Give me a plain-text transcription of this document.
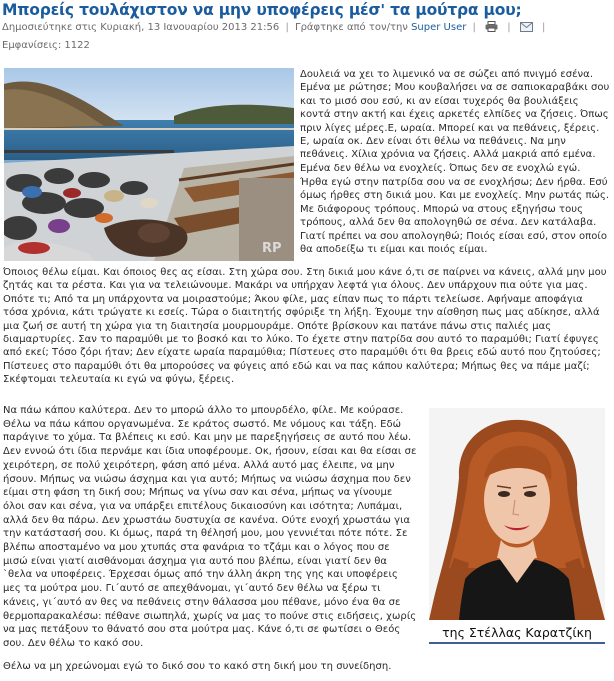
Μπορείς τουλάχιστον να μην υποφέρεις μέσ' τα μούτρα μου;
Δημοσιεύτηκε στις Κυριακή, 13 Ιανουαρίου 2013 21:56 | Γράφτηκε από τον/την Super User |	|	| Εμφανίσεις: 1122
RP
Δουλειά να χει το λιμενικό να σε σώζει από πνιγμό εσένα. Εμένα με ρώτησε; Μου κουβαλήσει να σε σαπιοκαραβάκι σου και το μισό σου εσύ, κι αν είσαι τυχερός θα βουλιάξεις κοντά στην ακτή και έχεις αρκετές ελπίδες να ζήσεις. Όπως πριν λίγες μέρες.Ε, ωραία. Μπορεί και να πεθάνεις, ξέρεις. Ε, ωραία οκ. Δεν είναι ότι θέλω να πεθάνεις. Να μην πεθάνεις. Χίλια χρόνια να ζήσεις. Αλλά μακριά από εμένα. Εμένα δεν θέλω να ενοχλείς. Όπως δεν σε ενοχλώ εγώ.
Ήρθα εγώ στην πατρίδα σου να σε ενοχλήσω; Δεν ήρθα. Εσύ όμως ήρθες στη δικιά μου. Και με ενοχλείς. Μην ρωτάς πώς. Με διάφορους τρόπους. Μπορώ να στους εξηγήσω τους τρόπους, αλλά δεν θα απολογηθώ σε σένα. Δεν κατάλαβα. Γιατί πρέπει να σου απολογηθώ; Ποιός είσαι εσύ, στον οποίο θα αποδείξω τι είμαι και ποιός είμαι.
Όποιος θέλω είμαι. Και όποιος θες ας είσαι. Στη χώρα σου. Στη δικιά μου κάνε ό,τι σε παίρνει να κάνεις, αλλά μην μου ζητάς και τα ρέστα. Και για να τελειώνουμε. Μακάρι να υπήρχαν λεφτά για όλους. Δεν υπάρχουν πια ούτε για μας. Οπότε τι; Από τα μη υπάρχοντα να μοιραστούμε; Άκου φίλε, μας είπαν πως το πάρτι τελείωσε. Αφήναμε αποφάγια τόσα χρόνια, κάτι τρώγατε κι εσείς. Τώρα ο διαιτητής σφύριξε τη λήξη. Έχουμε την αίσθηση πως μας αδίκησε, αλλά μια ζωή σε αυτή τη χώρα για τη διαιτησία μουρμουράμε. Οπότε βρίσκουν και πατάνε πάνω στις παλιές μας διαμαρτυρίες. Σαν το παραμύθι με το βοσκό και το λύκο. Το έχετε στην πατρίδα σου αυτό το παραμύθι; Γιατί έφυγες από εκεί; Τόσο ζόρι ήταν; Δεν είχατε ωραία παραμύθια; Πίστευες στο παραμύθι ότι θα βρεις εδώ αυτό που ζητούσες; Πίστευες στο παραμύθι ότι θα μπορούσες να φύγεις από εδώ και να πας κάπου καλύτερα; Μήπως θες να πάμε μαζί; Σκέφτομαι τελευταία κι εγώ να φύγω, ξέρεις.
Να πάω κάπου καλύτερα. Δεν το μπορώ άλλο το μπουρδέλο, φίλε. Με κούρασε. Θέλω να πάω κάπου οργανωμένα. Σε κράτος σωστό. Με νόμους και τάξη. Εδώ παράγινε το χύμα. Τα βλέπεις κι εσύ. Και μην με παρεξηγήσεις σε αυτό που λέω. Δεν εννοώ ότι ίδια περνάμε και ίδια υποφέρουμε. Οκ, ήσουν, είσαι και θα είσαι σε χειρότερη, σε πολύ χειρότερη, φάση από μένα. Αλλά αυτό μας έλειπε, να μην ήσουν. Μήπως να νιώσω άσχημα και για αυτό; Μήπως να νιώσω άσχημα που δεν είμαι στη φάση τη δική σου; Μήπως να γίνω σαν και σένα, μήπως να γίνουμε όλοι σαν και σένα, για να υπάρξει επιτέλους δικαιοσύνη και ισότητα; Λυπάμαι, αλλά δεν θα πάρω. Δεν χρωστάω δυστυχία σε κανένα. Ούτε ενοχή χρωστάω για την κατάστασή σου. Κι όμως, παρά τη θέλησή μου, μου γεννιέται πότε πότε. Σε βλέπω αποσταμένο να μου χτυπάς στα φανάρια το τζάμι και ο λόγος που σε μισώ είναι γιατί αισθάνομαι άσχημα για αυτό που βλέπω, είναι γιατί δεν θα `θελα να υποφέρεις. Έρχεσαι όμως από την άλλη άκρη της γης και υποφέρεις μες τα μούτρα μου. Γι΄αυτό σε απεχθάνομαι, γι΄αυτό δεν θέλω να ξέρω τι κάνεις, γι΄αυτό αν θες να πεθάνεις στην θάλασσα μου πέθανε, μόνο ένα θα σε θερμοπαρακαλέσω: πέθανε σιωπηλά, χωρίς να μας το πούνε στις ειδήσεις, χωρίς να μας πετάξουν το θάνατό σου στα μούτρα μας. Κάνε ό,τι σε φωτίσει ο Θεός σου. Δεν θέλω το κακό σου.
της Στέλλας Καρατζίκη
Θέλω να μη χρεώνομαι εγώ το δικό σου το κακό στη δική μου τη συνείδηση.
